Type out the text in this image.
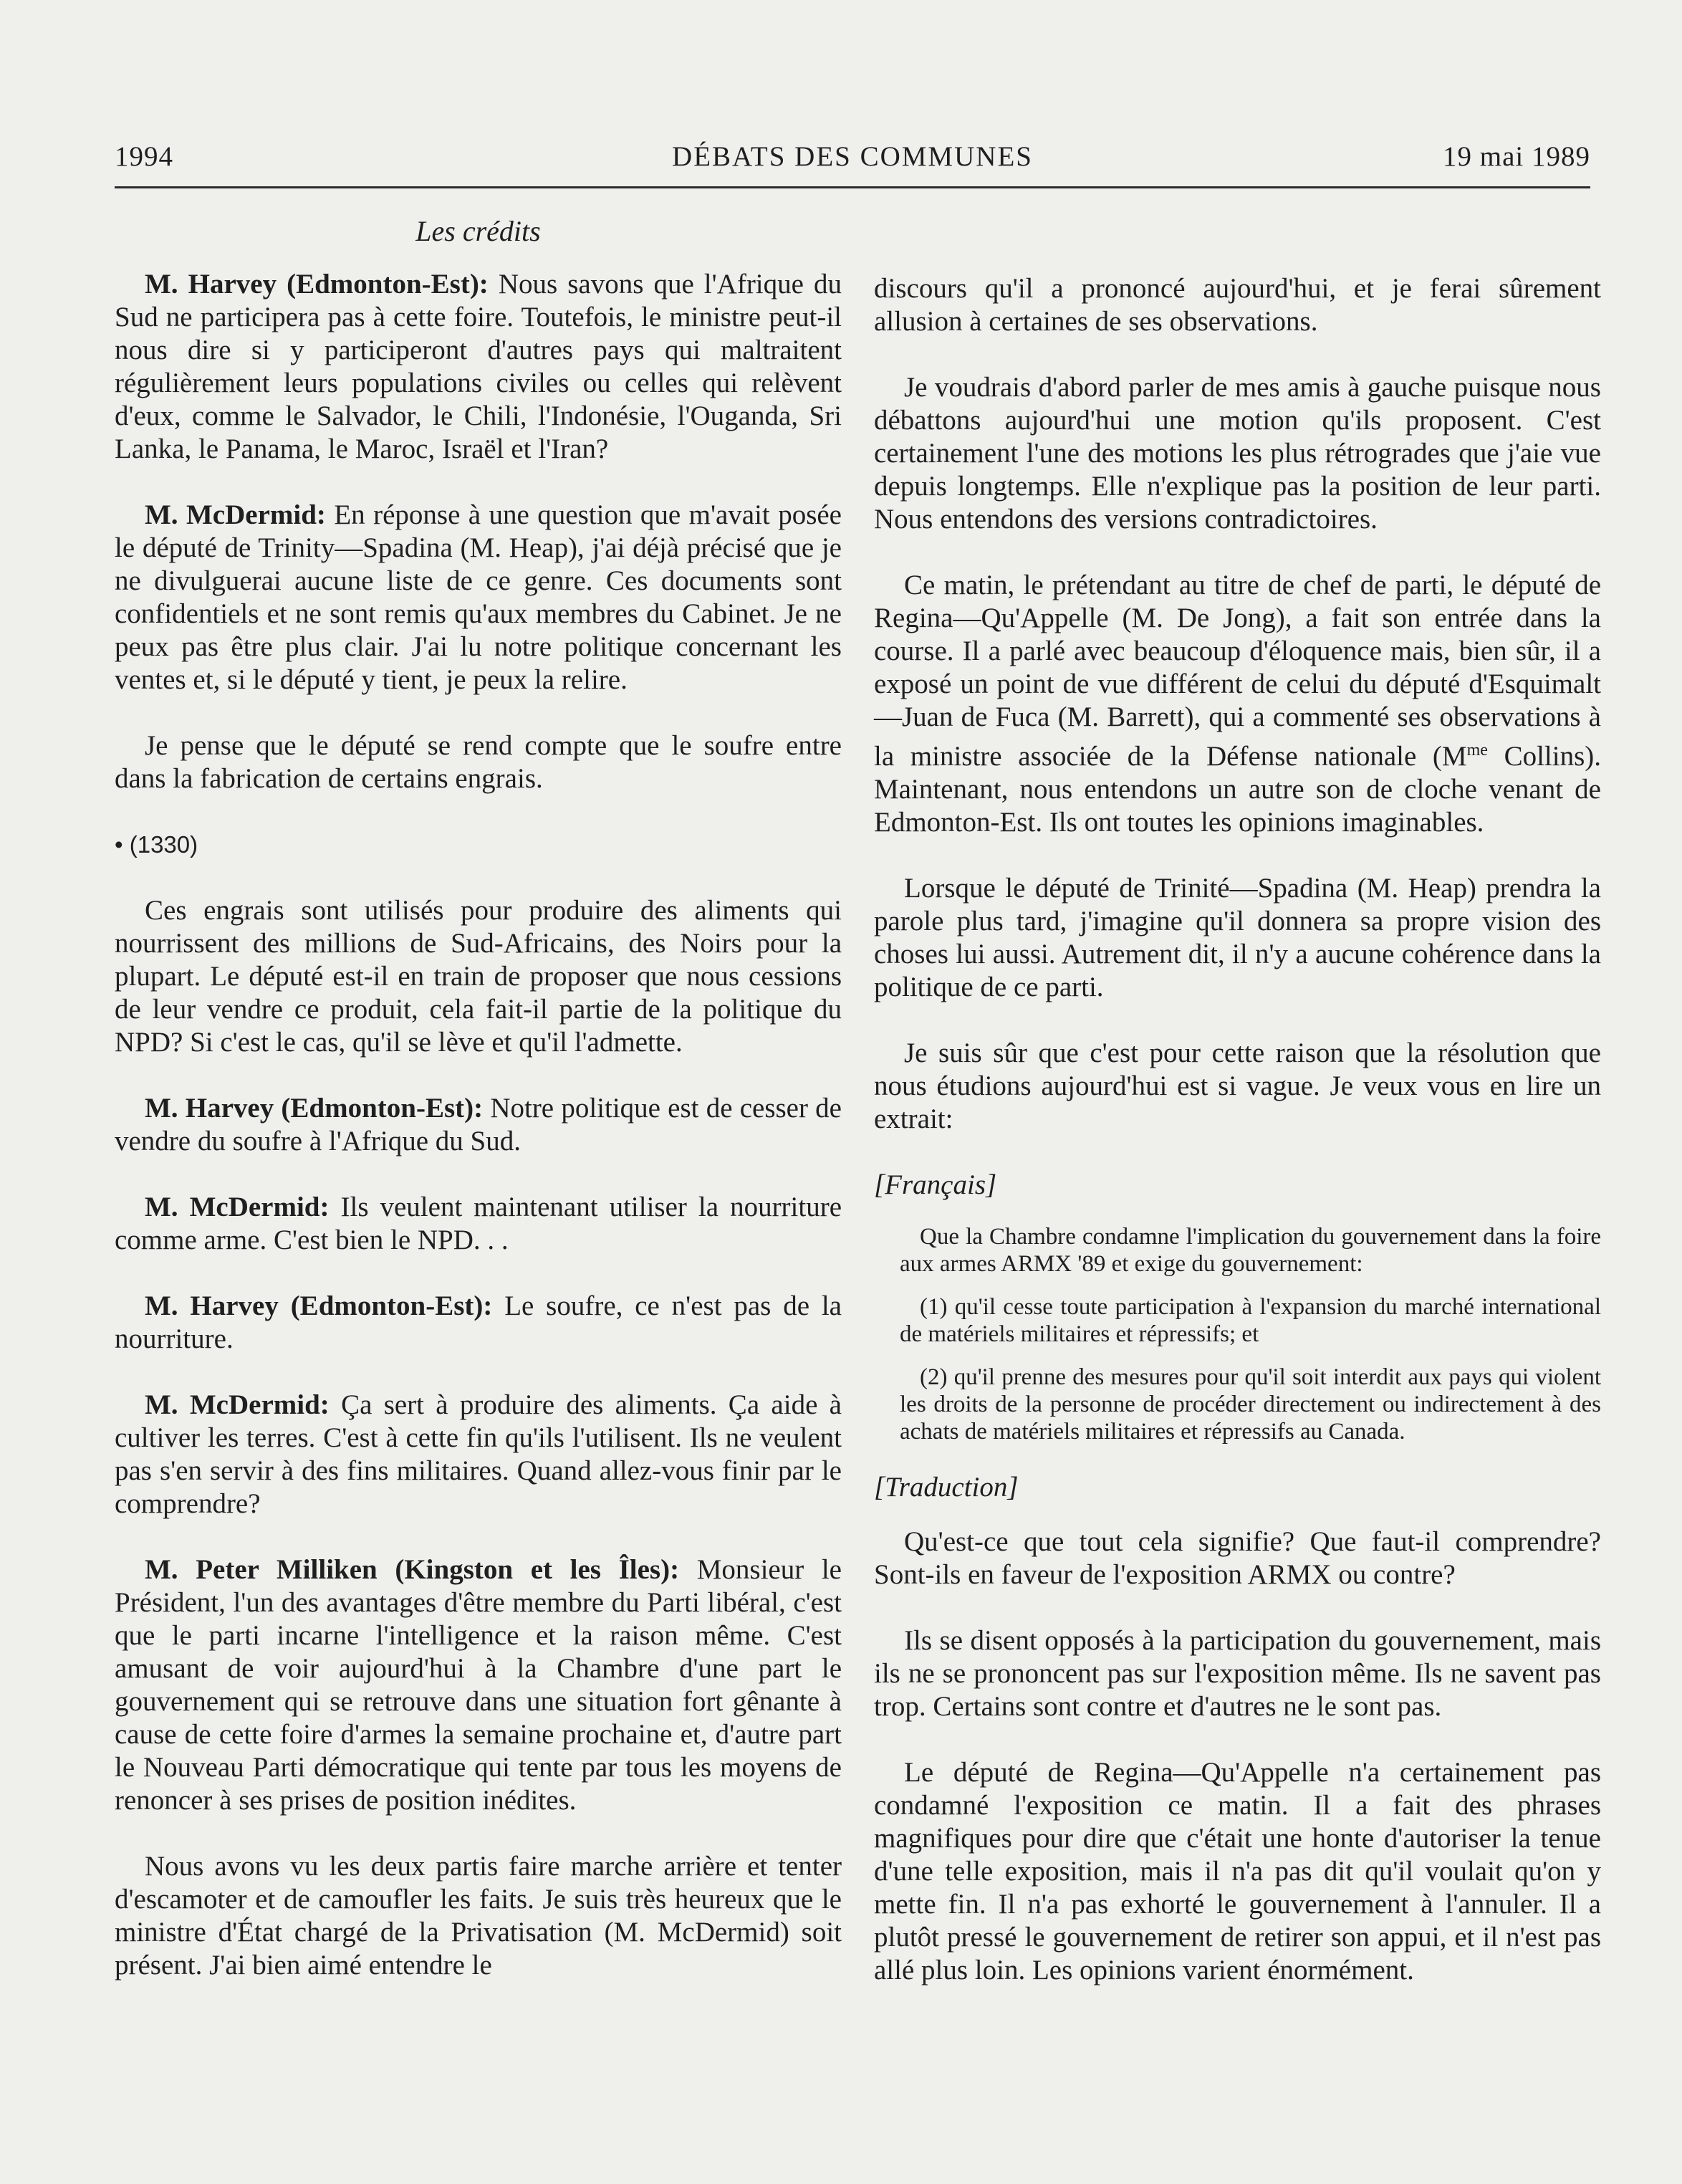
1994	DÉBATS DES COMMUNES	19 mai 1989
Les crédits

M. Harvey (Edmonton-Est): Nous savons que l'Afrique du Sud ne participera pas à cette foire. Toutefois, le ministre peut-il nous dire si y participeront d'autres pays qui maltraitent régulièrement leurs populations civiles ou celles qui relèvent d'eux, comme le Salvador, le Chili, l'Indonésie, l'Ouganda, Sri Lanka, le Panama, le Maroc, Israël et l'Iran?

M. McDermid: En réponse à une question que m'avait posée le député de Trinity—Spadina (M. Heap), j'ai déjà précisé que je ne divulguerai aucune liste de ce genre. Ces documents sont confidentiels et ne sont remis qu'aux membres du Cabinet. Je ne peux pas être plus clair. J'ai lu notre politique concernant les ventes et, si le député y tient, je peux la relire.

Je pense que le député se rend compte que le soufre entre dans la fabrication de certains engrais.

• (1330)

Ces engrais sont utilisés pour produire des aliments qui nourrissent des millions de Sud-Africains, des Noirs pour la plupart. Le député est-il en train de proposer que nous cessions de leur vendre ce produit, cela fait-il partie de la politique du NPD? Si c'est le cas, qu'il se lève et qu'il l'admette.

M. Harvey (Edmonton-Est): Notre politique est de cesser de vendre du soufre à l'Afrique du Sud.

M. McDermid: Ils veulent maintenant utiliser la nourriture comme arme. C'est bien le NPD. . .

M. Harvey (Edmonton-Est): Le soufre, ce n'est pas de la nourriture.

M. McDermid: Ça sert à produire des aliments. Ça aide à cultiver les terres. C'est à cette fin qu'ils l'utilisent. Ils ne veulent pas s'en servir à des fins militaires. Quand allez-vous finir par le comprendre?

M. Peter Milliken (Kingston et les Îles): Monsieur le Président, l'un des avantages d'être membre du Parti libéral, c'est que le parti incarne l'intelligence et la raison même. C'est amusant de voir aujourd'hui à la Chambre d'une part le gouvernement qui se retrouve dans une situation fort gênante à cause de cette foire d'armes la semaine prochaine et, d'autre part le Nouveau Parti démocratique qui tente par tous les moyens de renoncer à ses prises de position inédites.

Nous avons vu les deux partis faire marche arrière et tenter d'escamoter et de camoufler les faits. Je suis très heureux que le ministre d'État chargé de la Privatisation (M. McDermid) soit présent. J'ai bien aimé entendre le

discours qu'il a prononcé aujourd'hui, et je ferai sûrement allusion à certaines de ses observations.

Je voudrais d'abord parler de mes amis à gauche puisque nous débattons aujourd'hui une motion qu'ils proposent. C'est certainement l'une des motions les plus rétrogrades que j'aie vue depuis longtemps. Elle n'explique pas la position de leur parti. Nous entendons des versions contradictoires.

Ce matin, le prétendant au titre de chef de parti, le député de Regina—Qu'Appelle (M. De Jong), a fait son entrée dans la course. Il a parlé avec beaucoup d'éloquence mais, bien sûr, il a exposé un point de vue différent de celui du député d'Esquimalt—Juan de Fuca (M. Barrett), qui a commenté ses observations à la ministre associée de la Défense nationale ($M^{me}$ Collins). Maintenant, nous entendons un autre son de cloche venant de Edmonton-Est. Ils ont toutes les opinions imaginables.

Lorsque le député de Trinité—Spadina (M. Heap) prendra la parole plus tard, j'imagine qu'il donnera sa propre vision des choses lui aussi. Autrement dit, il n'y a aucune cohérence dans la politique de ce parti.

Je suis sûr que c'est pour cette raison que la résolution que nous étudions aujourd'hui est si vague. Je veux vous en lire un extrait:

[Français]

Que la Chambre condamne l'implication du gouvernement dans la foire aux armes ARMX '89 et exige du gouvernement:

(1) qu'il cesse toute participation à l'expansion du marché international de matériels militaires et répressifs; et

(2) qu'il prenne des mesures pour qu'il soit interdit aux pays qui violent les droits de la personne de procéder directement ou indirectement à des achats de matériels militaires et répressifs au Canada.

[Traduction]

Qu'est-ce que tout cela signifie? Que faut-il comprendre? Sont-ils en faveur de l'exposition ARMX ou contre?

Ils se disent opposés à la participation du gouvernement, mais ils ne se prononcent pas sur l'exposition même. Ils ne savent pas trop. Certains sont contre et d'autres ne le sont pas.

Le député de Regina—Qu'Appelle n'a certainement pas condamné l'exposition ce matin. Il a fait des phrases magnifiques pour dire que c'était une honte d'autoriser la tenue d'une telle exposition, mais il n'a pas dit qu'il voulait qu'on y mette fin. Il n'a pas exhorté le gouvernement à l'annuler. Il a plutôt pressé le gouvernement de retirer son appui, et il n'est pas allé plus loin. Les opinions varient énormément.
